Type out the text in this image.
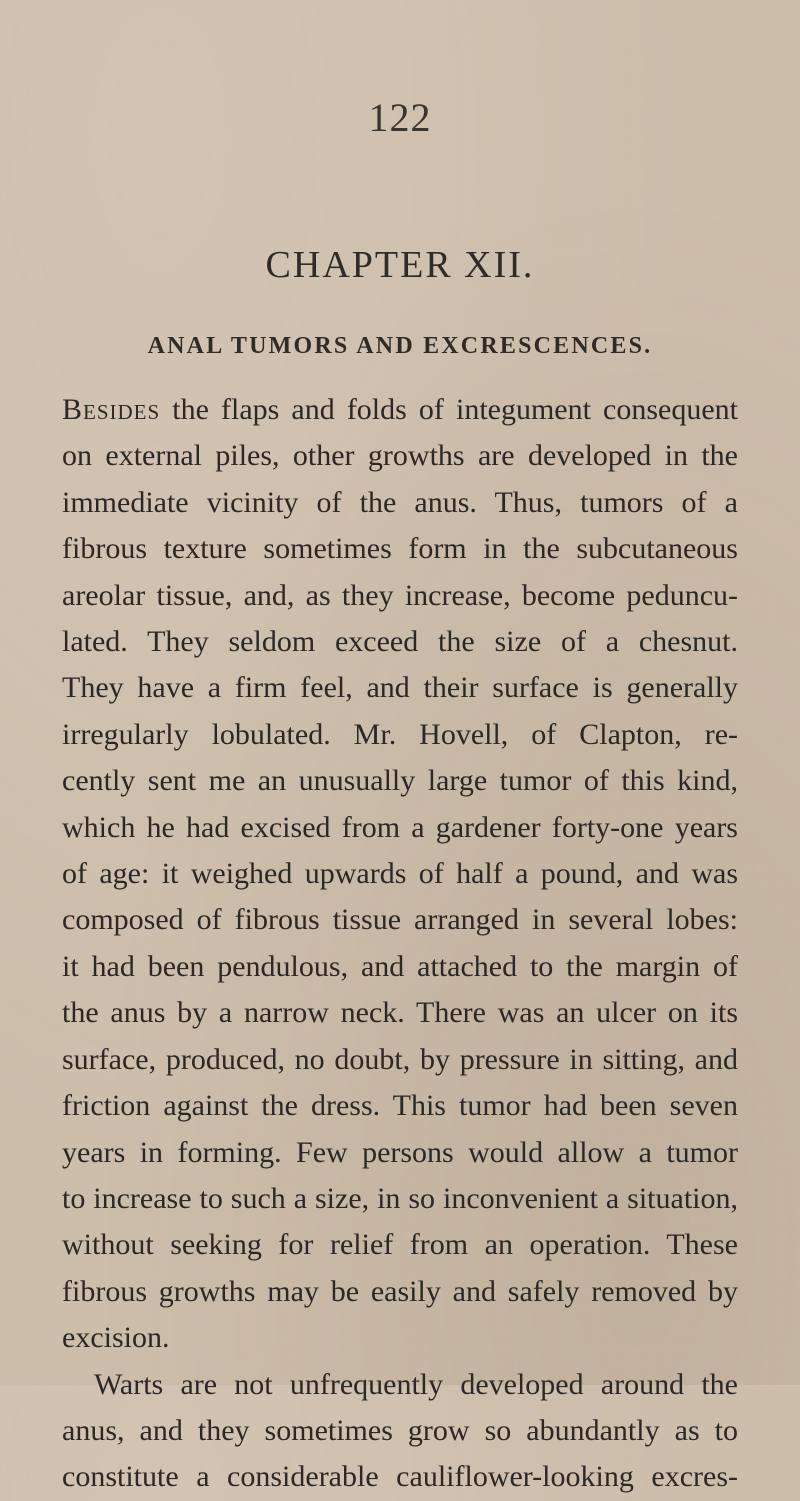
122

CHAPTER XII.
ANAL TUMORS AND EXCRESCENCES.
Besides the flaps and folds of integument consequent
on external piles, other growths are developed in the
immediate vicinity of the anus. Thus, tumors of a
fibrous texture sometimes form in the subcutaneous
areolar tissue, and, as they increase, become peduncu-
lated. They seldom exceed the size of a chesnut.
They have a firm feel, and their surface is generally
irregularly lobulated. Mr. Hovell, of Clapton, re-
cently sent me an unusually large tumor of this kind,
which he had excised from a gardener forty-one years
of age: it weighed upwards of half a pound, and was
composed of fibrous tissue arranged in several lobes:
it had been pendulous, and attached to the margin of
the anus by a narrow neck. There was an ulcer on its
surface, produced, no doubt, by pressure in sitting, and
friction against the dress. This tumor had been seven
years in forming. Few persons would allow a tumor
to increase to such a size, in so inconvenient a situation,
without seeking for relief from an operation. These
fibrous growths may be easily and safely removed by
excision.
Warts are not unfrequently developed around the
anus, and they sometimes grow so abundantly as to
constitute a considerable cauliflower-looking excres-
